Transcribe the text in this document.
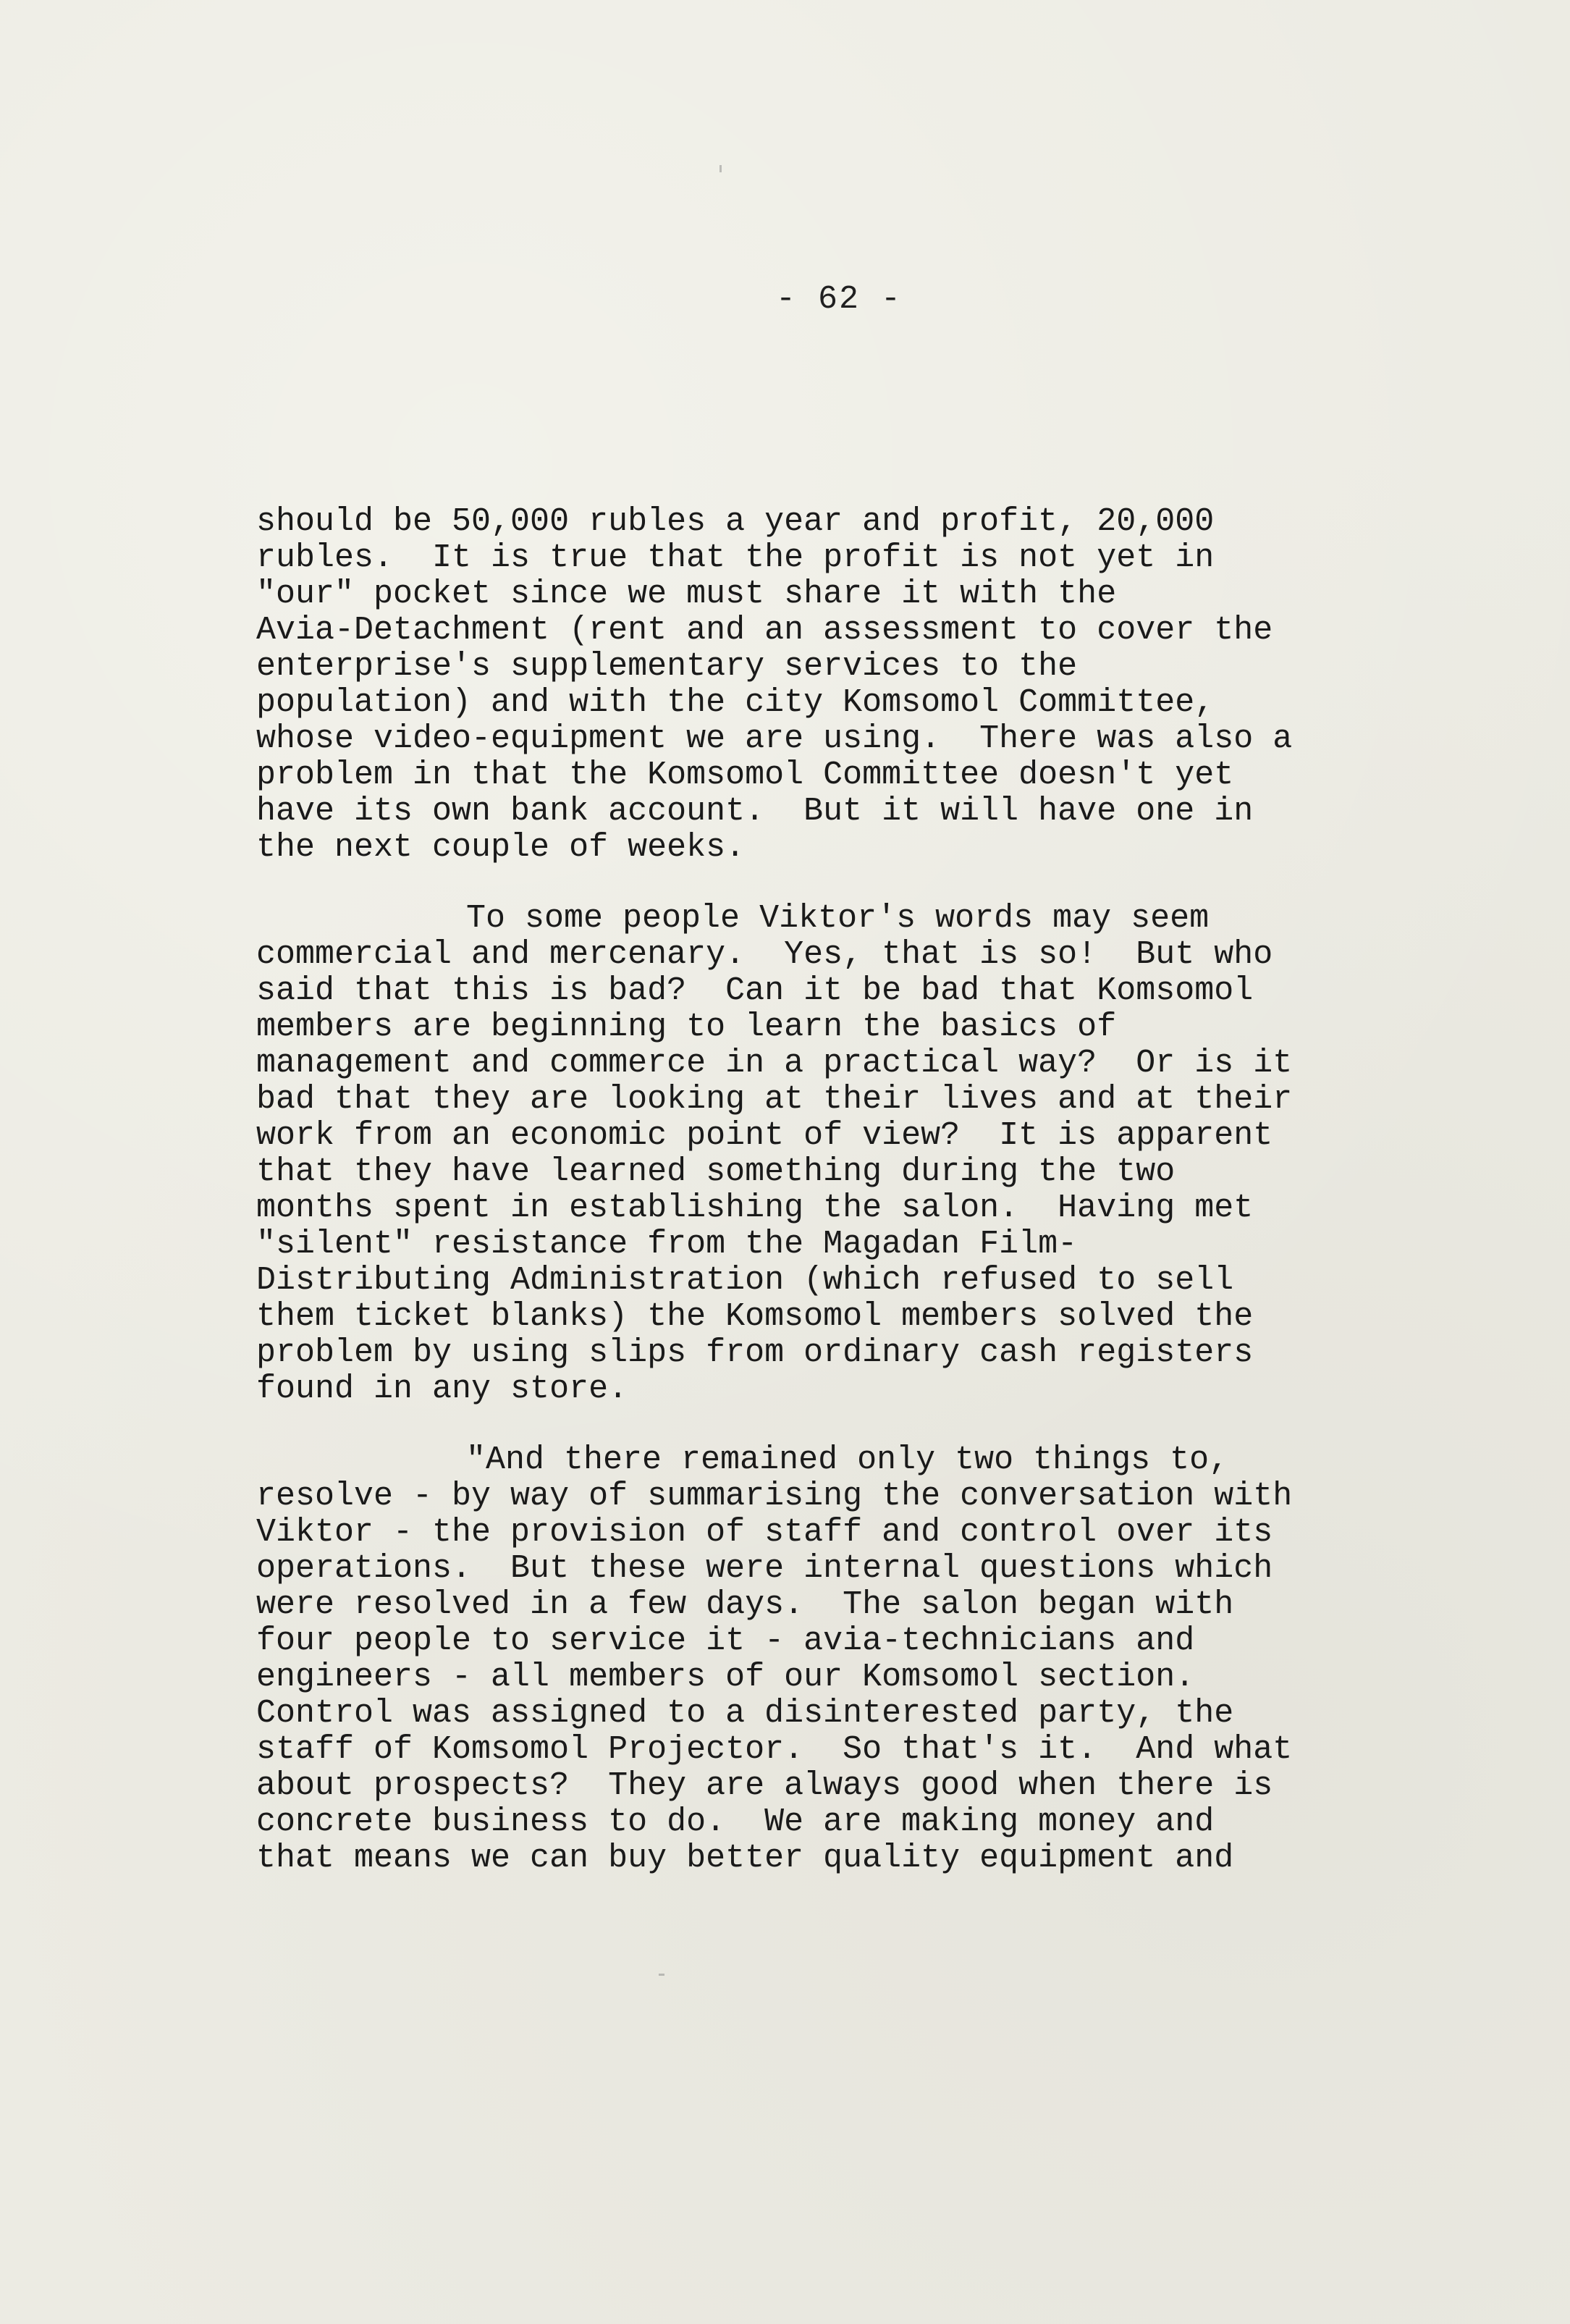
- 62 -
should be 50,000 rubles a year and profit, 20,000
rubles.  It is true that the profit is not yet in
"our" pocket since we must share it with the
Avia-Detachment (rent and an assessment to cover the
enterprise's supplementary services to the
population) and with the city Komsomol Committee,
whose video-equipment we are using.  There was also a
problem in that the Komsomol Committee doesn't yet
have its own bank account.  But it will have one in
the next couple of weeks.
To some people Viktor's words may seem
commercial and mercenary.  Yes, that is so!  But who
said that this is bad?  Can it be bad that Komsomol
members are beginning to learn the basics of
management and commerce in a practical way?  Or is it
bad that they are looking at their lives and at their
work from an economic point of view?  It is apparent
that they have learned something during the two
months spent in establishing the salon.  Having met
"silent" resistance from the Magadan Film-
Distributing Administration (which refused to sell
them ticket blanks) the Komsomol members solved the
problem by using slips from ordinary cash registers
found in any store.
"And there remained only two things to,
resolve - by way of summarising the conversation with
Viktor - the provision of staff and control over its
operations.  But these were internal questions which
were resolved in a few days.  The salon began with
four people to service it - avia-technicians and
engineers - all members of our Komsomol section.
Control was assigned to a disinterested party, the
staff of Komsomol Projector.  So that's it.  And what
about prospects?  They are always good when there is
concrete business to do.  We are making money and
that means we can buy better quality equipment and
